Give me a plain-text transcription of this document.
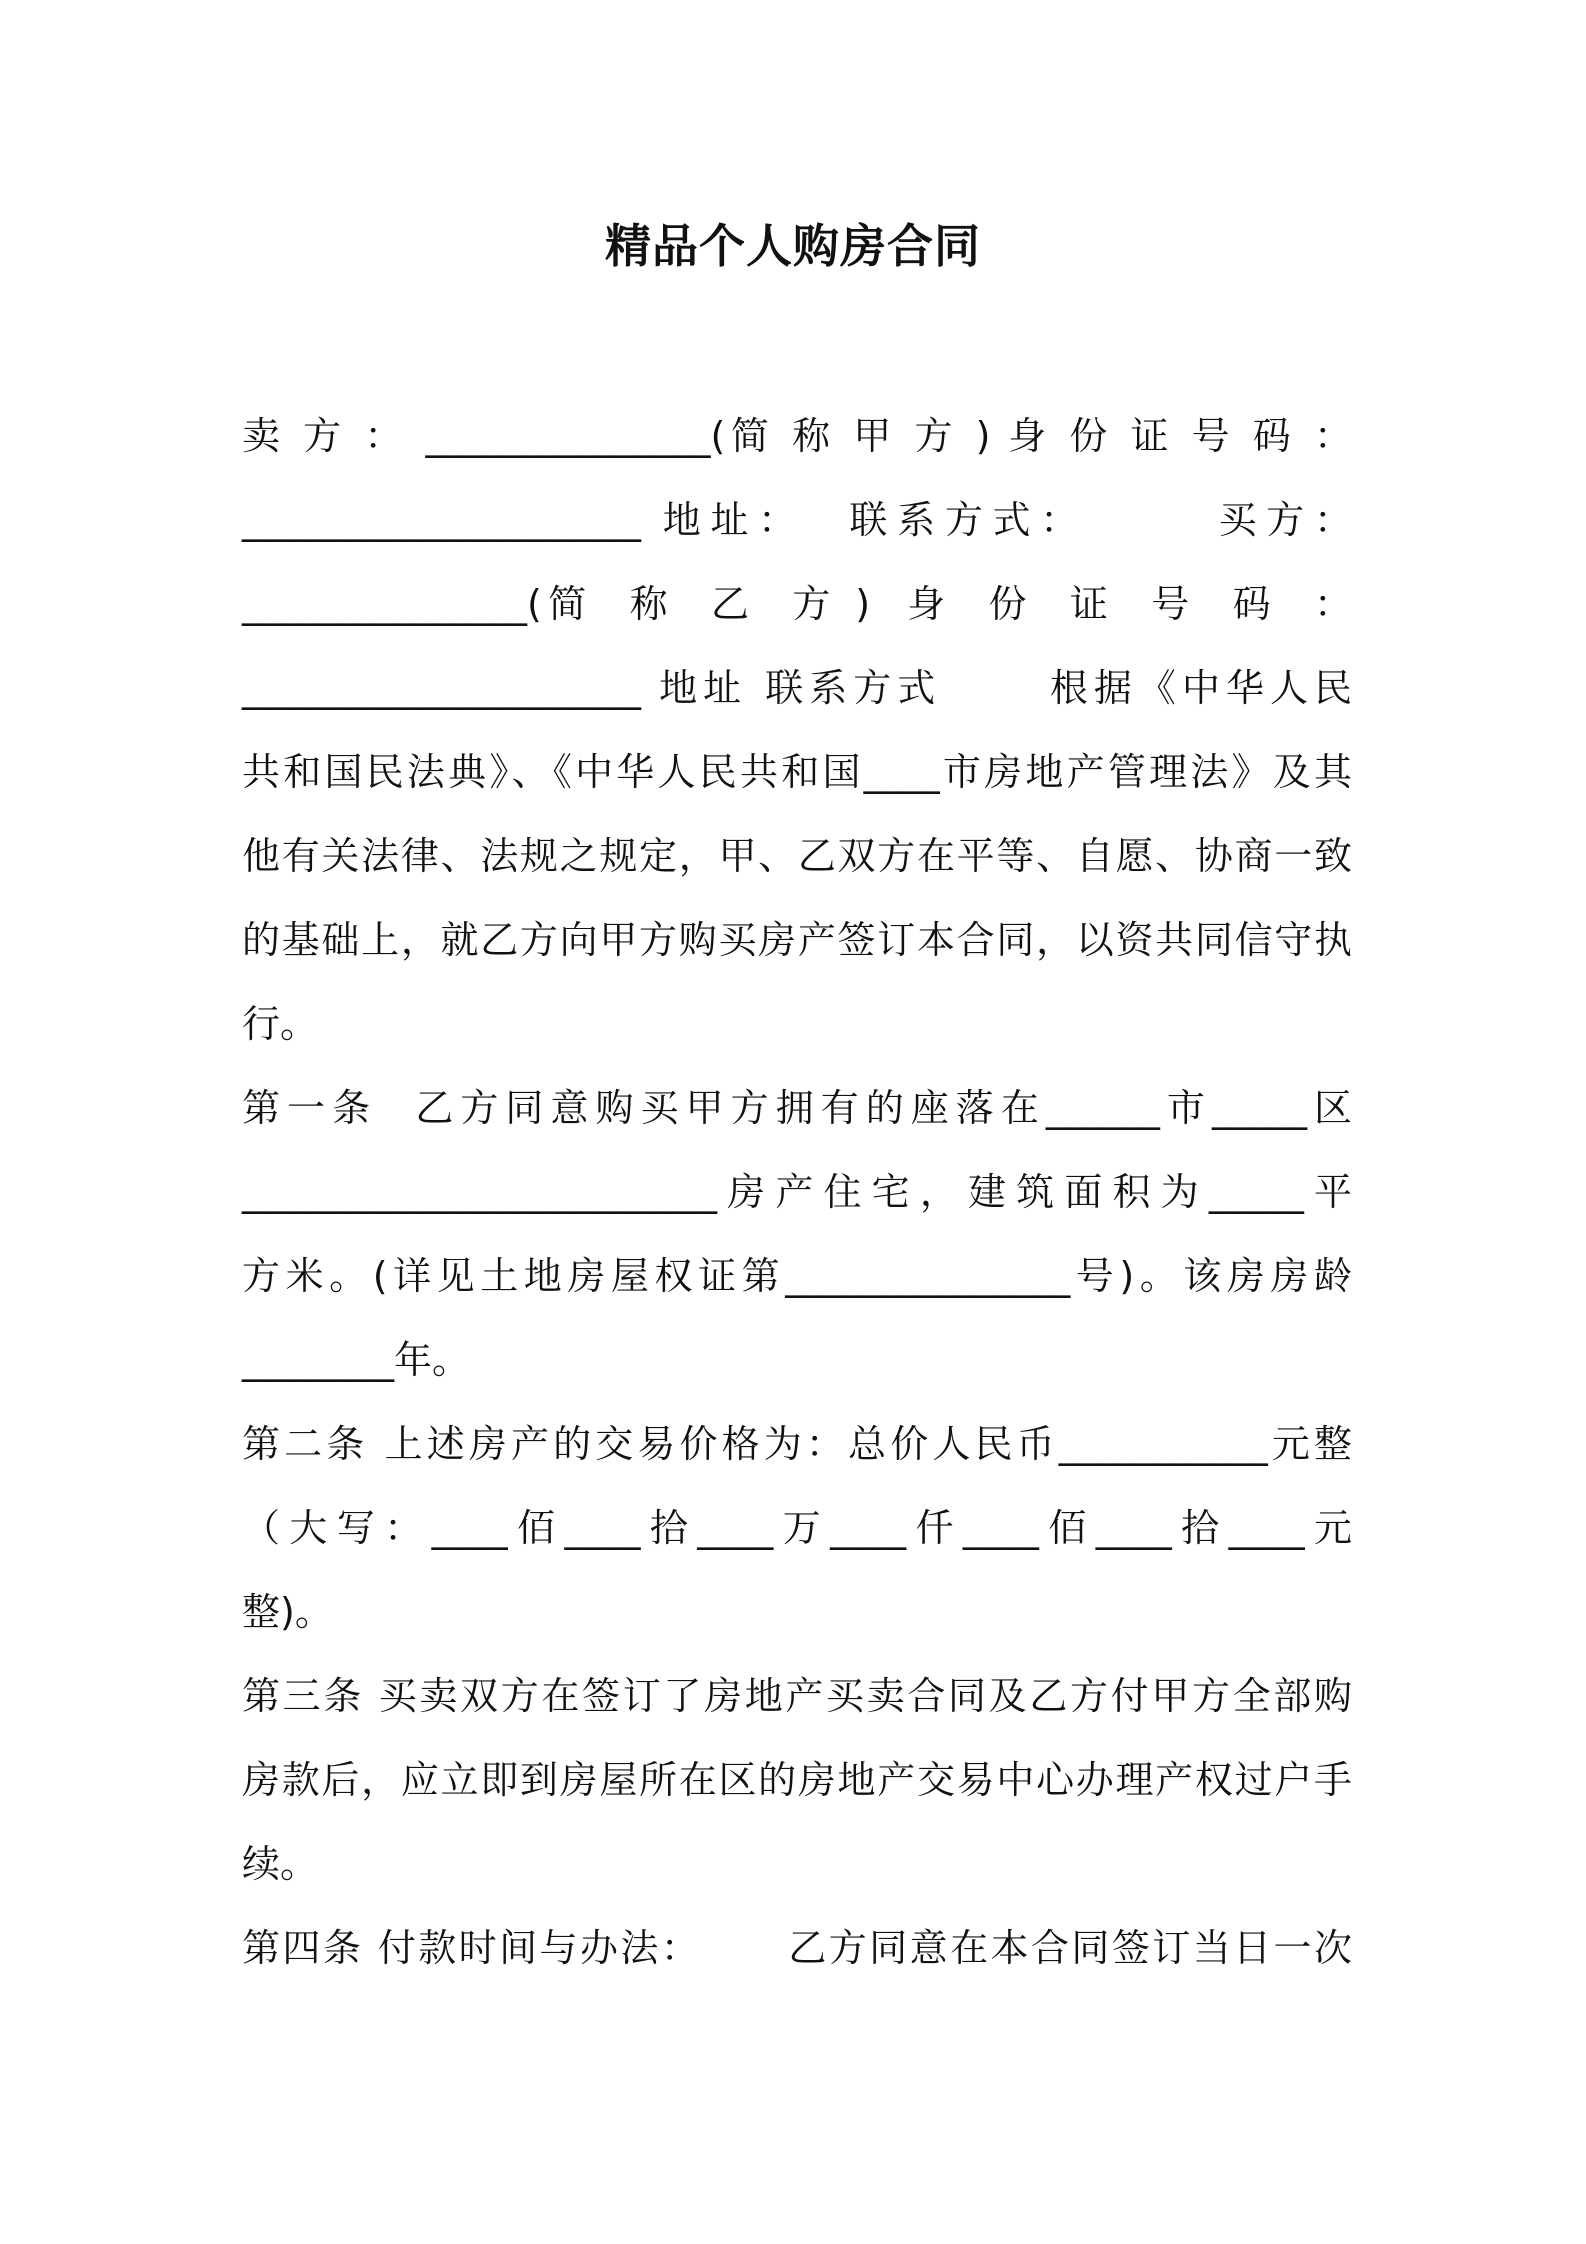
精品个人购房合同
卖 方 ： _______________(简 称 甲 方 ) 身 份 证 号 码 ：
_____________________ 地址：  联系方式：      买方：
_______________(简  称  乙  方 )  身  份  证  号  码  ：
_____________________ 地址 联系方式      根据《中华人民
共和国民法典》、《中华人民共和国____市房地产管理法》及其
他有关法律、法规之规定，甲、乙双方在平等、自愿、协商一致
的基础上，就乙方向甲方购买房产签订本合同，以资共同信守执
行。
第一条  乙方同意购买甲方拥有的座落在______市_____区
_________________________房产住宅，建筑面积为_____平
方米。(详见土地房屋权证第_______________号)。该房房龄
________年。
第二条 上述房产的交易价格为：总价人民币___________元整
（大写：____佰____拾____万____仟____佰____拾____元
整)。
第三条 买卖双方在签订了房地产买卖合同及乙方付甲方全部购
房款后，应立即到房屋所在区的房地产交易中心办理产权过户手
续。
第四条 付款时间与办法：      乙方同意在本合同签订当日一次
